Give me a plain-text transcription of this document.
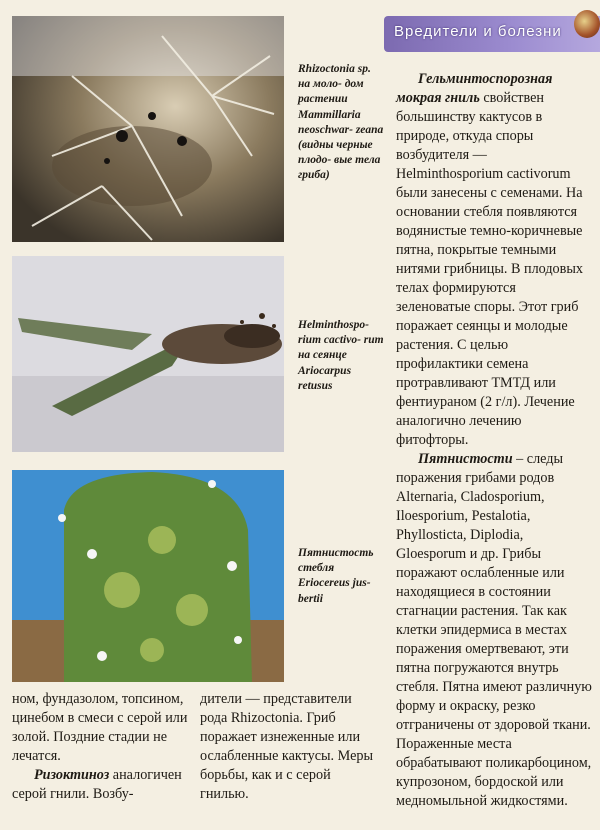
Вредители и болезни
Rhizoctonia sp. на моло- дом растении Mammillaria neoschwar- zeana (видны черные плодо- вые тела гриба)
Helminthospo- rium cactivo- rum на сеянце Ariocarpus retusus
Пятнистость стебля Eriocereus jus- bertii

Гельминтоспорозная мокрая гниль свойствен большинству кактусов в природе, откуда споры возбудителя — Helminthosporium cactivorum были занесены с семенами. На основании стебля появляются водянистые темно-коричневые пятна, покрытые темными нитями грибницы. В плодовых телах формируются зеленоватые споры. Этот гриб поражает сеянцы и молодые растения. С целью профилактики семена протравливают ТМТД или фентиураном (2 г/л). Лечение аналогично лечению фитофторы.

Пятнистости – следы поражения грибами родов Alternaria, Cladosporium, Iloesporium, Pestalotia, Phyllosticta, Diplodia, Gloesporum и др. Грибы поражают ослабленные или находящиеся в состоянии стагнации растения. Так как клетки эпидермиса в местах поражения омертвевают, эти пятна погружаются внутрь стебля. Пятна имеют различную форму и окраску, резко отграничены от здоровой ткани. Пораженные места обрабатывают поликарбоцином, купрозоном, бордоской или медномыльной жидкостями.

ном, фундазолом, топсином, цинебом в смеси с серой или золой. Поздние стадии не лечатся.

Ризоктиноз аналогичен серой гнили. Возбу-

дители — представители рода Rhizoctonia. Гриб поражает изнеженные или ослабленные кактусы. Меры борьбы, как и с серой гнилью.
